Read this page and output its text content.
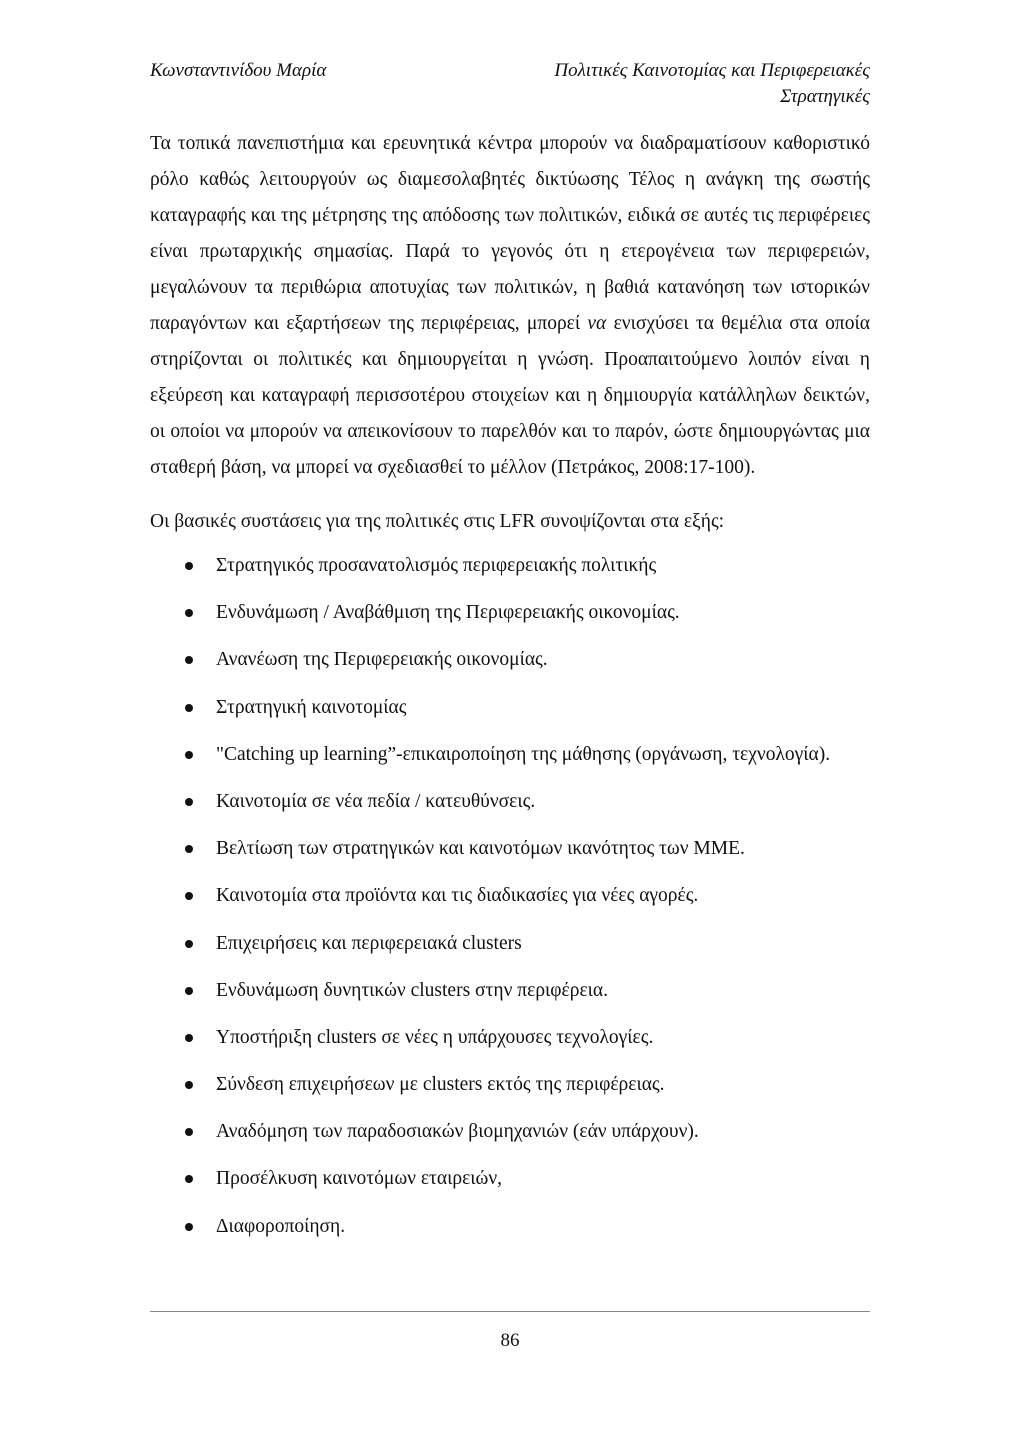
Κωνσταντινίδου Μαρία	Πολιτικές Καινοτομίας και Περιφερειακές
Στρατηγικές

Τα τοπικά πανεπιστήμια και ερευνητικά κέντρα μπορούν να διαδραματίσουν καθοριστικό ρόλο καθώς λειτουργούν ως διαμεσολαβητές δικτύωσης Τέλος η ανάγκη της σωστής καταγραφής και της μέτρησης της απόδοσης των πολιτικών, ειδικά σε αυτές τις περιφέρειες είναι πρωταρχικής σημασίας. Παρά το γεγονός ότι η ετερογένεια των περιφερειών, μεγαλώνουν τα περιθώρια αποτυχίας των πολιτικών, η βαθιά κατανόηση των ιστορικών παραγόντων και εξαρτήσεων της περιφέρειας, μπορεί να ενισχύσει τα θεμέλια στα οποία στηρίζονται οι πολιτικές και δημιουργείται η γνώση. Προαπαιτούμενο λοιπόν είναι η εξεύρεση και καταγραφή περισσοτέρου στοιχείων και η δημιουργία κατάλληλων δεικτών, οι οποίοι να μπορούν να απεικονίσουν το παρελθόν και το παρόν, ώστε δημιουργώντας μια σταθερή βάση, να μπορεί να σχεδιασθεί το μέλλον (Πετράκος, 2008:17-100).

Οι βασικές συστάσεις για της πολιτικές στις LFR συνοψίζονται στα εξής:

Στρατηγικός προσανατολισμός περιφερειακής πολιτικής
Ενδυνάμωση / Αναβάθμιση της Περιφερειακής οικονομίας.
Ανανέωση της Περιφερειακής οικονομίας.
Στρατηγική καινοτομίας
"Catching up learning”-επικαιροποίηση της μάθησης (οργάνωση, τεχνολογία).
Καινοτομία σε νέα πεδία / κατευθύνσεις.
Βελτίωση των στρατηγικών και καινοτόμων ικανότητος των ΜΜΕ.
Καινοτομία στα προϊόντα και τις διαδικασίες για νέες αγορές.
Επιχειρήσεις και περιφερειακά clusters
Ενδυνάμωση δυνητικών clusters στην περιφέρεια.
Υποστήριξη clusters σε νέες η υπάρχουσες τεχνολογίες.
Σύνδεση επιχειρήσεων με clusters εκτός της περιφέρειας.
Αναδόμηση των παραδοσιακών βιομηχανιών (εάν υπάρχουν).
Προσέλκυση καινοτόμων εταιρειών,
Διαφοροποίηση.
86
